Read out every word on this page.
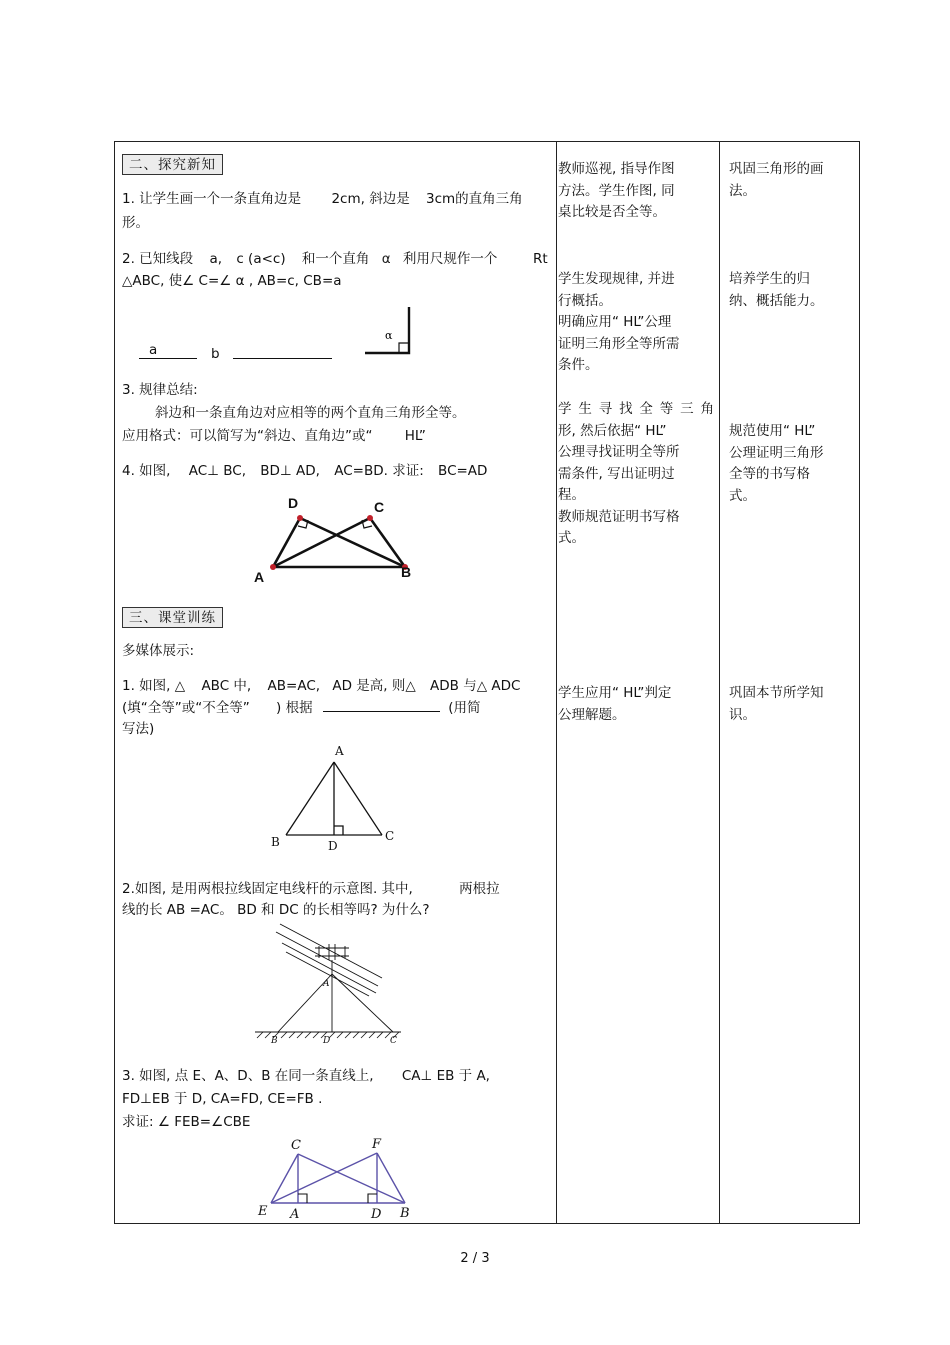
二、探究新知
1. 让学生画一个一条直角边是 2cm, 斜边是 3cm的直角三角
形。
2. 已知线段 a, c (a<c) 和一个直角 α 利用尺规作一个	Rt
△ABC, 使∠ C=∠ α , AB=c, CB=a
a	b
α
3. 规律总结:
斜边和一条直角边对应相等的两个直角三角形全等。
应用格式：可以简写为“斜边、直角边”或“ HL”
4. 如图, AC⊥ BC, BD⊥ AD, AC=BD. 求证: BC=AD
A	B
C
D
三、课堂训练
多媒体展示:
1. 如图, △ ABC 中, AB=AC, AD 是高, 则△ ADB 与△ ADC
(填“全等”或“不全等” ) 根据	(用简
写法)
A
B	C
D
2.如图, 是用两根拉线固定电线杆的示意图. 其中,	两根拉
线的长 AB =AC。 BD 和 DC 的长相等吗? 为什么?
A
B	D	C
3. 如图, 点 E、A、D、B 在同一条直线上, CA⊥ EB 于 A,
FD⊥EB 于 D, CA=FD, CE=FB .
求证: ∠ FEB=∠CBE
C	F
E A	D B
教师巡视, 指导作图
方法。学生作图, 同
桌比较是否全等。
学生发现规律, 并进
行概括。
明确应用“ HL”公理
证明三角形全等所需
条件。
学 生 寻 找 全 等 三 角
形, 然后依据“ HL”
公理寻找证明全等所
需条件, 写出证明过
程。
教师规范证明书写格
式。
学生应用“ HL”判定
公理解题。
巩固三角形的画
法。
培养学生的归
纳、概括能力。
规范使用“ HL”
公理证明三角形
全等的书写格
式。
巩固本节所学知
识。
2 / 3
